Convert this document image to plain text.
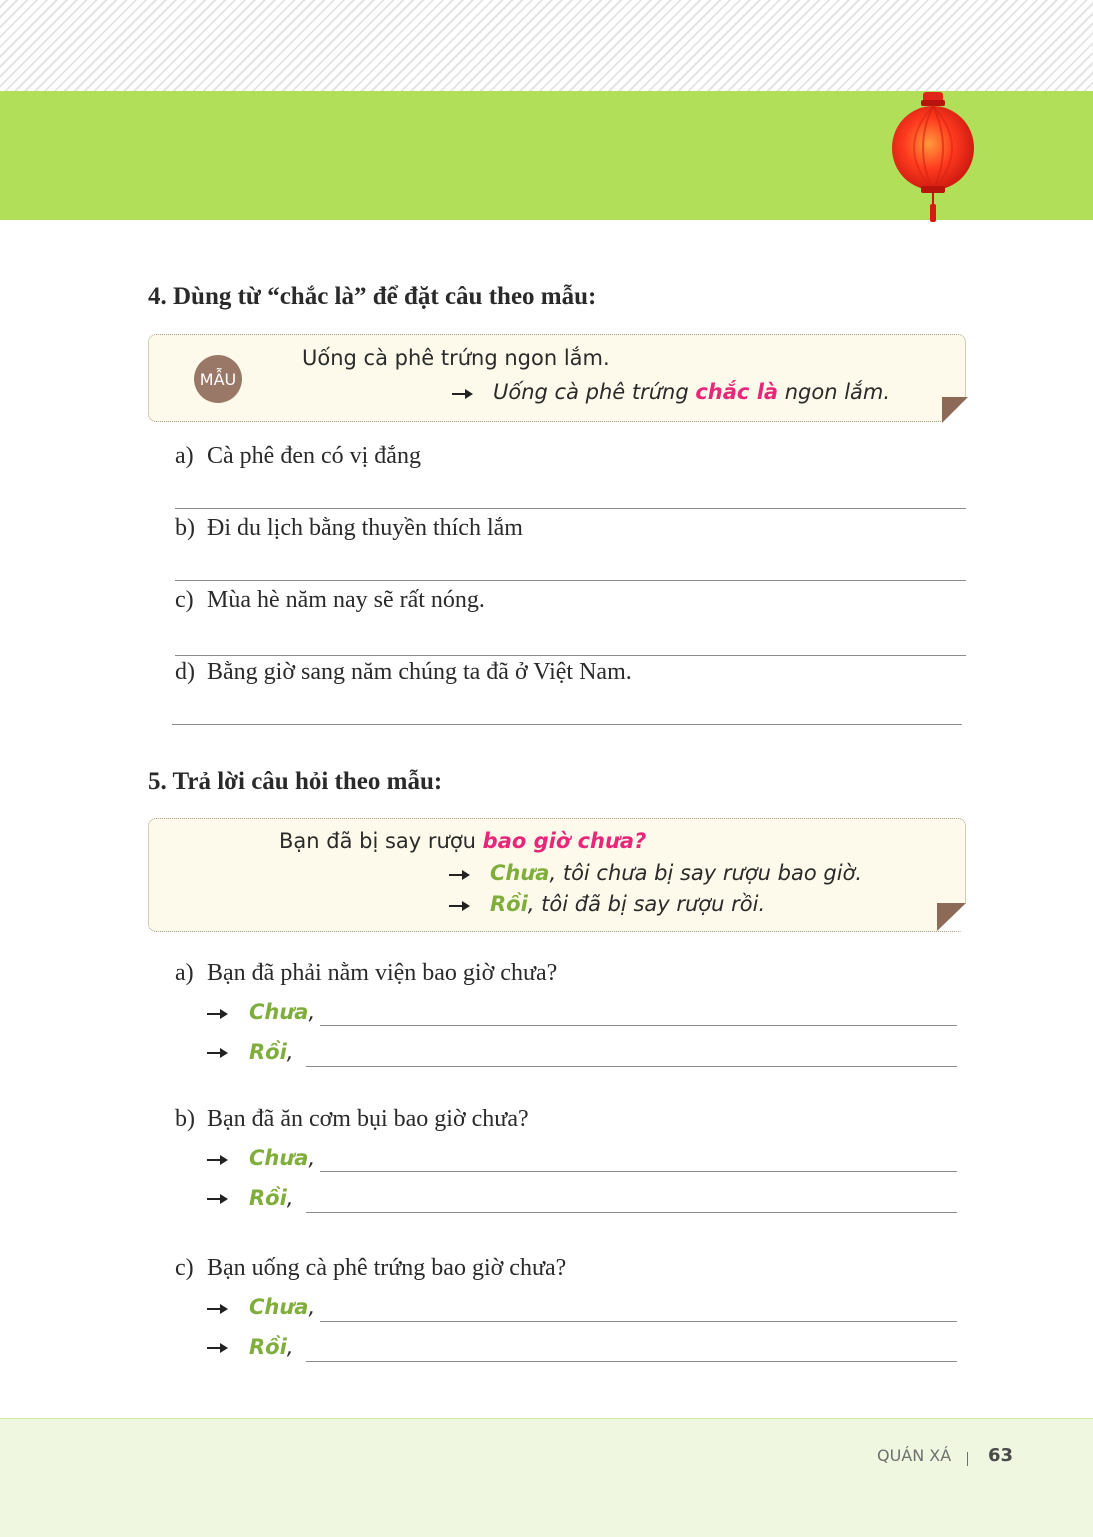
4. Dùng từ “chắc là” để đặt câu theo mẫu:
MẪU
Uống cà phê trứng ngon lắm.
Uống cà phê trứng chắc là ngon lắm.

a) Cà phê đen có vị đắng

b) Đi du lịch bằng thuyền thích lắm

c) Mùa hè năm nay sẽ rất nóng.

d) Bằng giờ sang năm chúng ta đã ở Việt Nam.

5. Trả lời câu hỏi theo mẫu:
Bạn đã bị say rượu bao giờ chưa?
Chưa, tôi chưa bị say rượu bao giờ.
Rồi, tôi đã bị say rượu rồi.

a) Bạn đã phải nằm viện bao giờ chưa?

Chưa,
Rồi,

b) Bạn đã ăn cơm bụi bao giờ chưa?

Chưa,
Rồi,

c) Bạn uống cà phê trứng bao giờ chưa?

Chưa,
Rồi,
QUÁN XÁ 63
